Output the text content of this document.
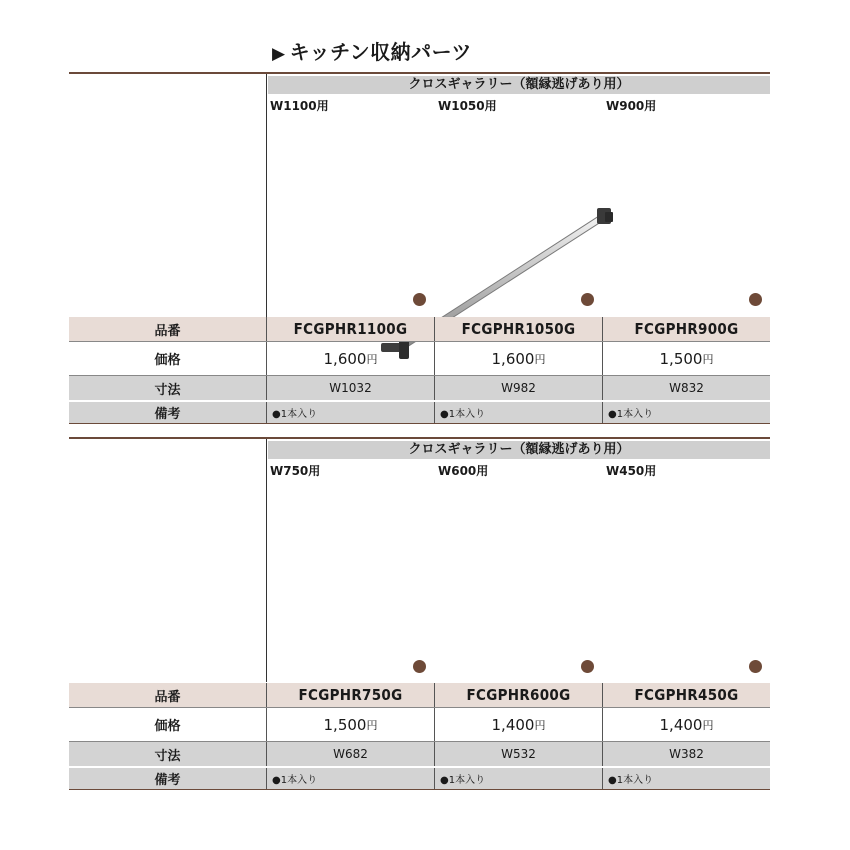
▶ キッチン収納パーツ
クロスギャラリー（額縁逃げあり用）
W1100用	W1050用	W900用
品番	FCGPHR1100G	FCGPHR1050G	FCGPHR900G
価格	1,600 円	1,600 円	1,500 円
寸法	W1032	W982	W832
備考	●1本入り	●1本入り	●1本入り
クロスギャラリー（額縁逃げあり用）
W750用	W600用	W450用
品番	FCGPHR750G	FCGPHR600G	FCGPHR450G
価格	1,500 円	1,400 円	1,400 円
寸法	W682	W532	W382
備考	●1本入り	●1本入り	●1本入り
